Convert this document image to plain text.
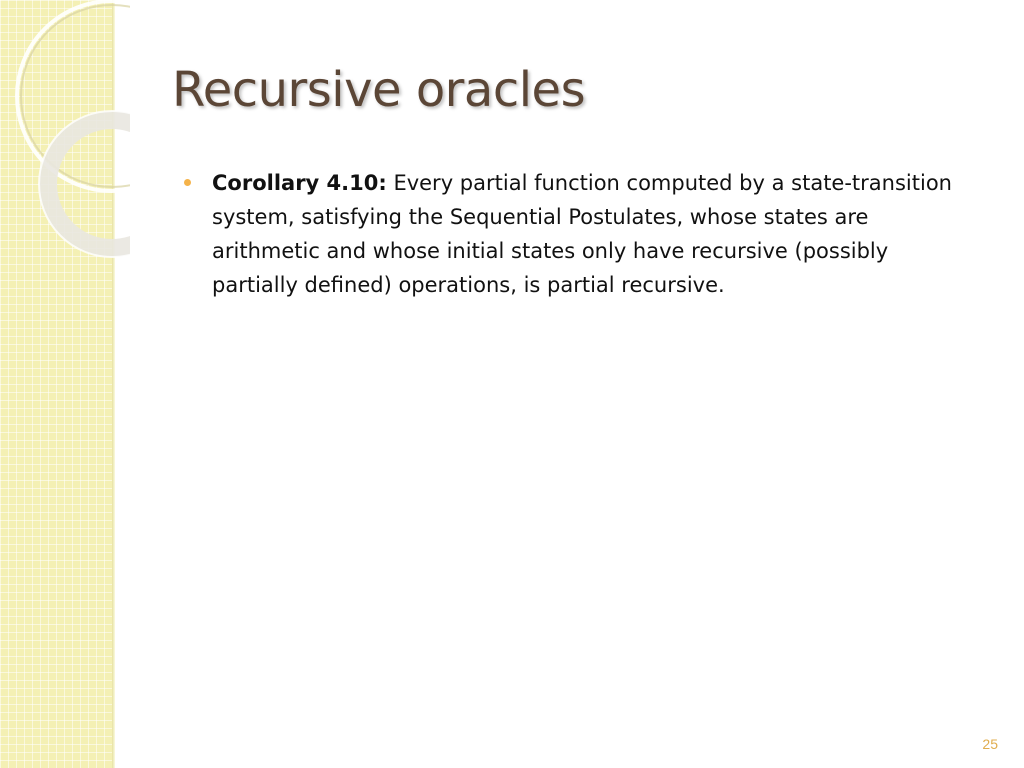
Recursive oracles
Corollary 4.10: Every partial function computed by a state-transition system, satisfying the Sequential Postulates, whose states are arithmetic and whose initial states only have recursive (possibly partially defined) operations, is partial recursive.
25
